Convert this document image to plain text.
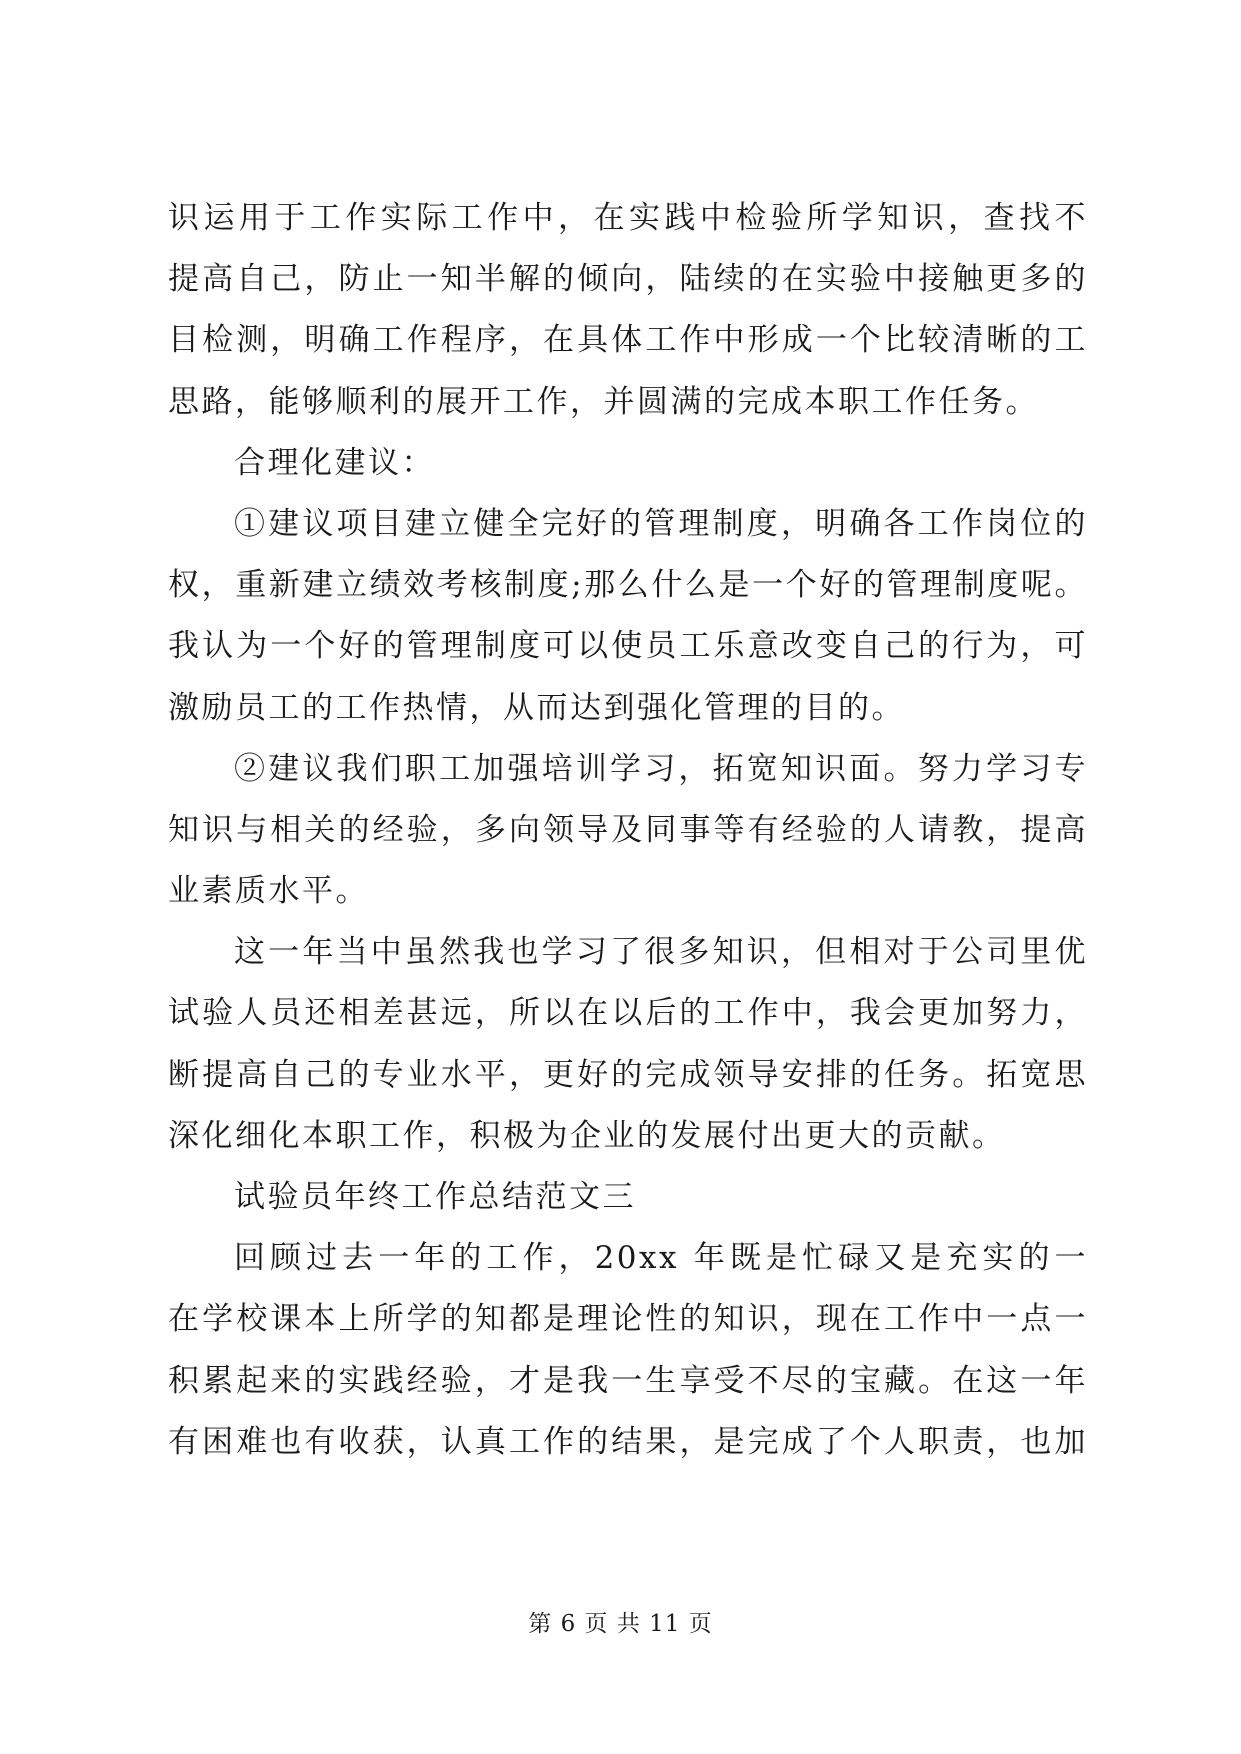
识运用于工作实际工作中，在实践中检验所学知识，查找不
提高自己，防止一知半解的倾向，陆续的在实验中接触更多的
目检测，明确工作程序，在具体工作中形成一个比较清晰的工
思路，能够顺利的展开工作，并圆满的完成本职工作任务。
合理化建议：
①建议项目建立健全完好的管理制度，明确各工作岗位的
权，重新建立绩效考核制度;那么什么是一个好的管理制度呢。
我认为一个好的管理制度可以使员工乐意改变自己的行为，可
激励员工的工作热情，从而达到强化管理的目的。
②建议我们职工加强培训学习，拓宽知识面。努力学习专
知识与相关的经验，多向领导及同事等有经验的人请教，提高
业素质水平。
这一年当中虽然我也学习了很多知识，但相对于公司里优
试验人员还相差甚远，所以在以后的工作中，我会更加努力，
断提高自己的专业水平，更好的完成领导安排的任务。拓宽思
深化细化本职工作，积极为企业的发展付出更大的贡献。
试验员年终工作总结范文三
回顾过去一年的工作，20xx 年既是忙碌又是充实的一
在学校课本上所学的知都是理论性的知识，现在工作中一点一
积累起来的实践经验，才是我一生享受不尽的宝藏。在这一年
有困难也有收获，认真工作的结果，是完成了个人职责，也加
第 6 页 共 11 页
